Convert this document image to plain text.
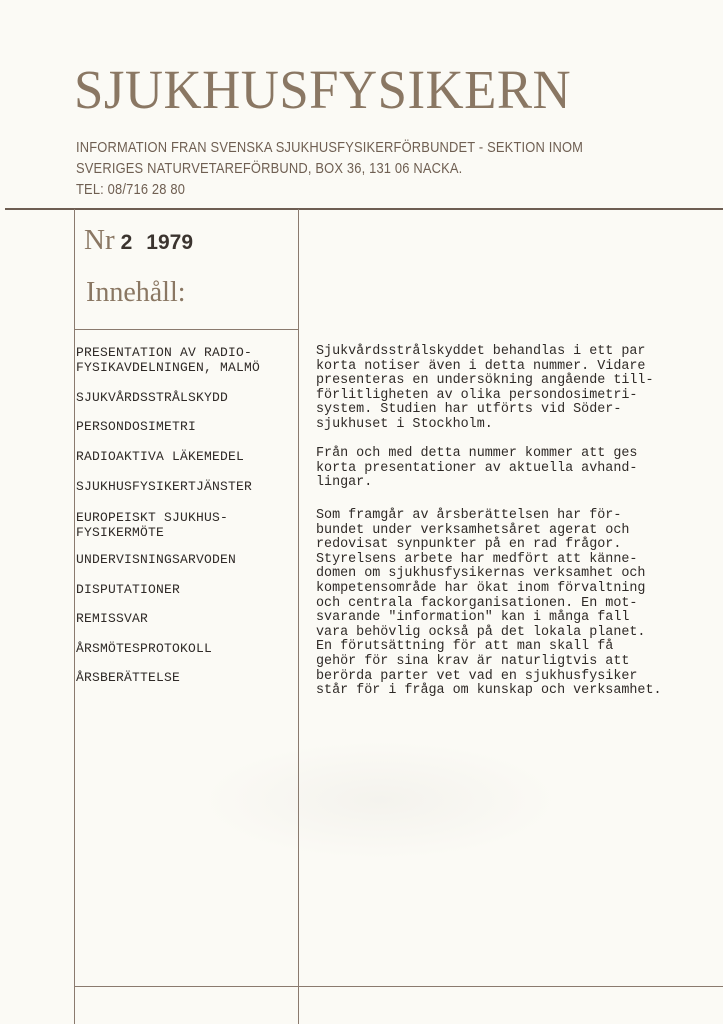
SJUKHUSFYSIKERN
INFORMATION FRAN SVENSKA SJUKHUSFYSIKERFÖRBUNDET - SEKTION INOM
SVERIGES NATURVETAREFÖRBUND, BOX 36, 131 06 NACKA.
TEL: 08/716 28 80
Nr 2 1979
Innehåll:
PRESENTATION AV RADIO-
FYSIKAVDELNINGEN, MALMÖ
SJUKVÅRDSSTRÅLSKYDD
PERSONDOSIMETRI
RADIOAKTIVA LÄKEMEDEL
SJUKHUSFYSIKERTJÄNSTER
EUROPEISKT SJUKHUS-
FYSIKERMÖTE
UNDERVISNINGSARVODEN
DISPUTATIONER
REMISSVAR
ÅRSMÖTESPROTOKOLL
ÅRSBERÄTTELSE

Sjukvårdsstrålskyddet behandlas i ett par
korta notiser även i detta nummer. Vidare
presenteras en undersökning angående till-
förlitligheten av olika persondosimetri-
system. Studien har utförts vid Söder-
sjukhuset i Stockholm.

Från och med detta nummer kommer att ges
korta presentationer av aktuella avhand-
lingar.

Som framgår av årsberättelsen har för-
bundet under verksamhetsåret agerat och
redovisat synpunkter på en rad frågor.
Styrelsens arbete har medfört att känne-
domen om sjukhusfysikernas verksamhet och
kompetensområde har ökat inom förvaltning
och centrala fackorganisationen. En mot-
svarande "information" kan i många fall
vara behövlig också på det lokala planet.
En förutsättning för att man skall få
gehör för sina krav är naturligtvis att
berörda parter vet vad en sjukhusfysiker
står för i fråga om kunskap och verksamhet.
